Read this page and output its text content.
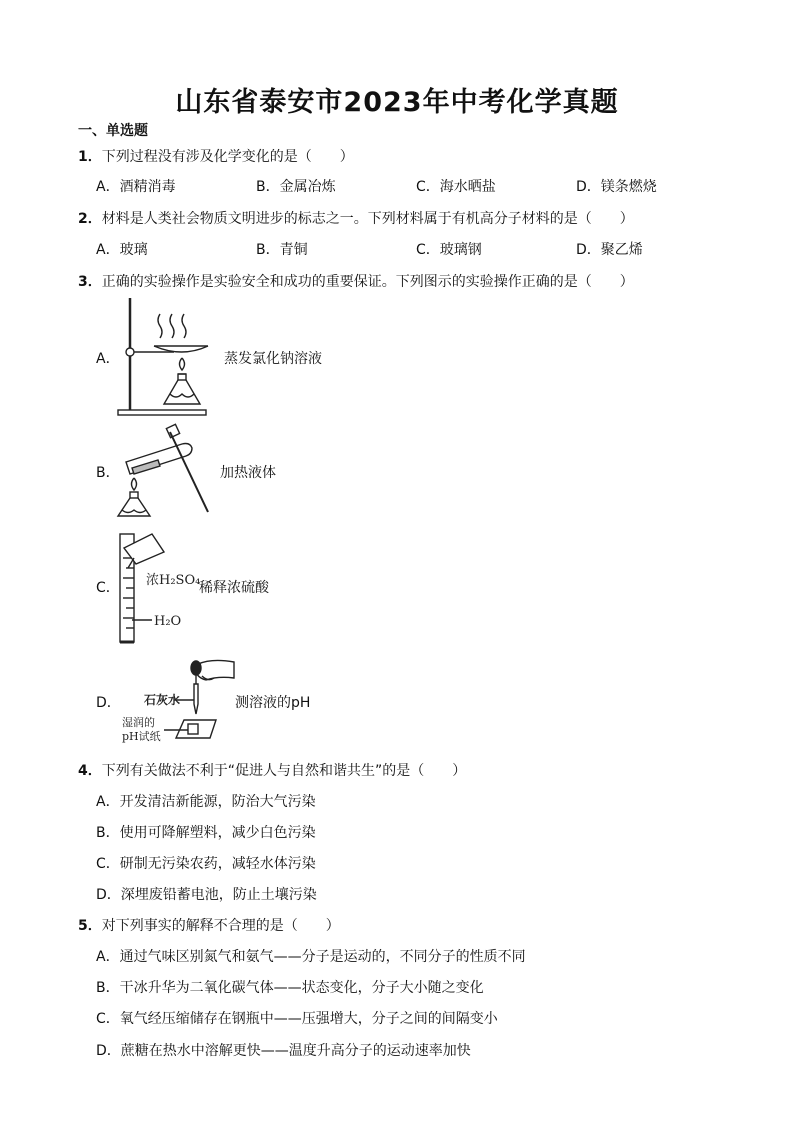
山东省泰安市2023年中考化学真题
一、单选题
1．下列过程没有涉及化学变化的是（　　）
A．酒精消毒	B．金属冶炼	C．海水晒盐	D．镁条燃烧
2．材料是人类社会物质文明进步的标志之一。下列材料属于有机高分子材料的是（　　）
A．玻璃	B．青铜	C．玻璃钢	D．聚乙烯
3．正确的实验操作是实验安全和成功的重要保证。下列图示的实验操作正确的是（　　）
A．	蒸发氯化钠溶液
B．	加热液体
C． 浓H₂SO₄
H₂O
稀释浓硫酸
D． 石灰水
湿润的
pH试纸
测溶液的pH
4．下列有关做法不利于“促进人与自然和谐共生”的是（　　）
A．开发清洁新能源，防治大气污染
B．使用可降解塑料，减少白色污染
C．研制无污染农药，减轻水体污染
D．深埋废铅蓄电池，防止土壤污染
5．对下列事实的解释不合理的是（　　）
A．通过气味区别氮气和氨气——分子是运动的，不同分子的性质不同
B．干冰升华为二氧化碳气体——状态变化，分子大小随之变化
C．氧气经压缩储存在钢瓶中——压强增大，分子之间的间隔变小
D．蔗糖在热水中溶解更快——温度升高分子的运动速率加快
